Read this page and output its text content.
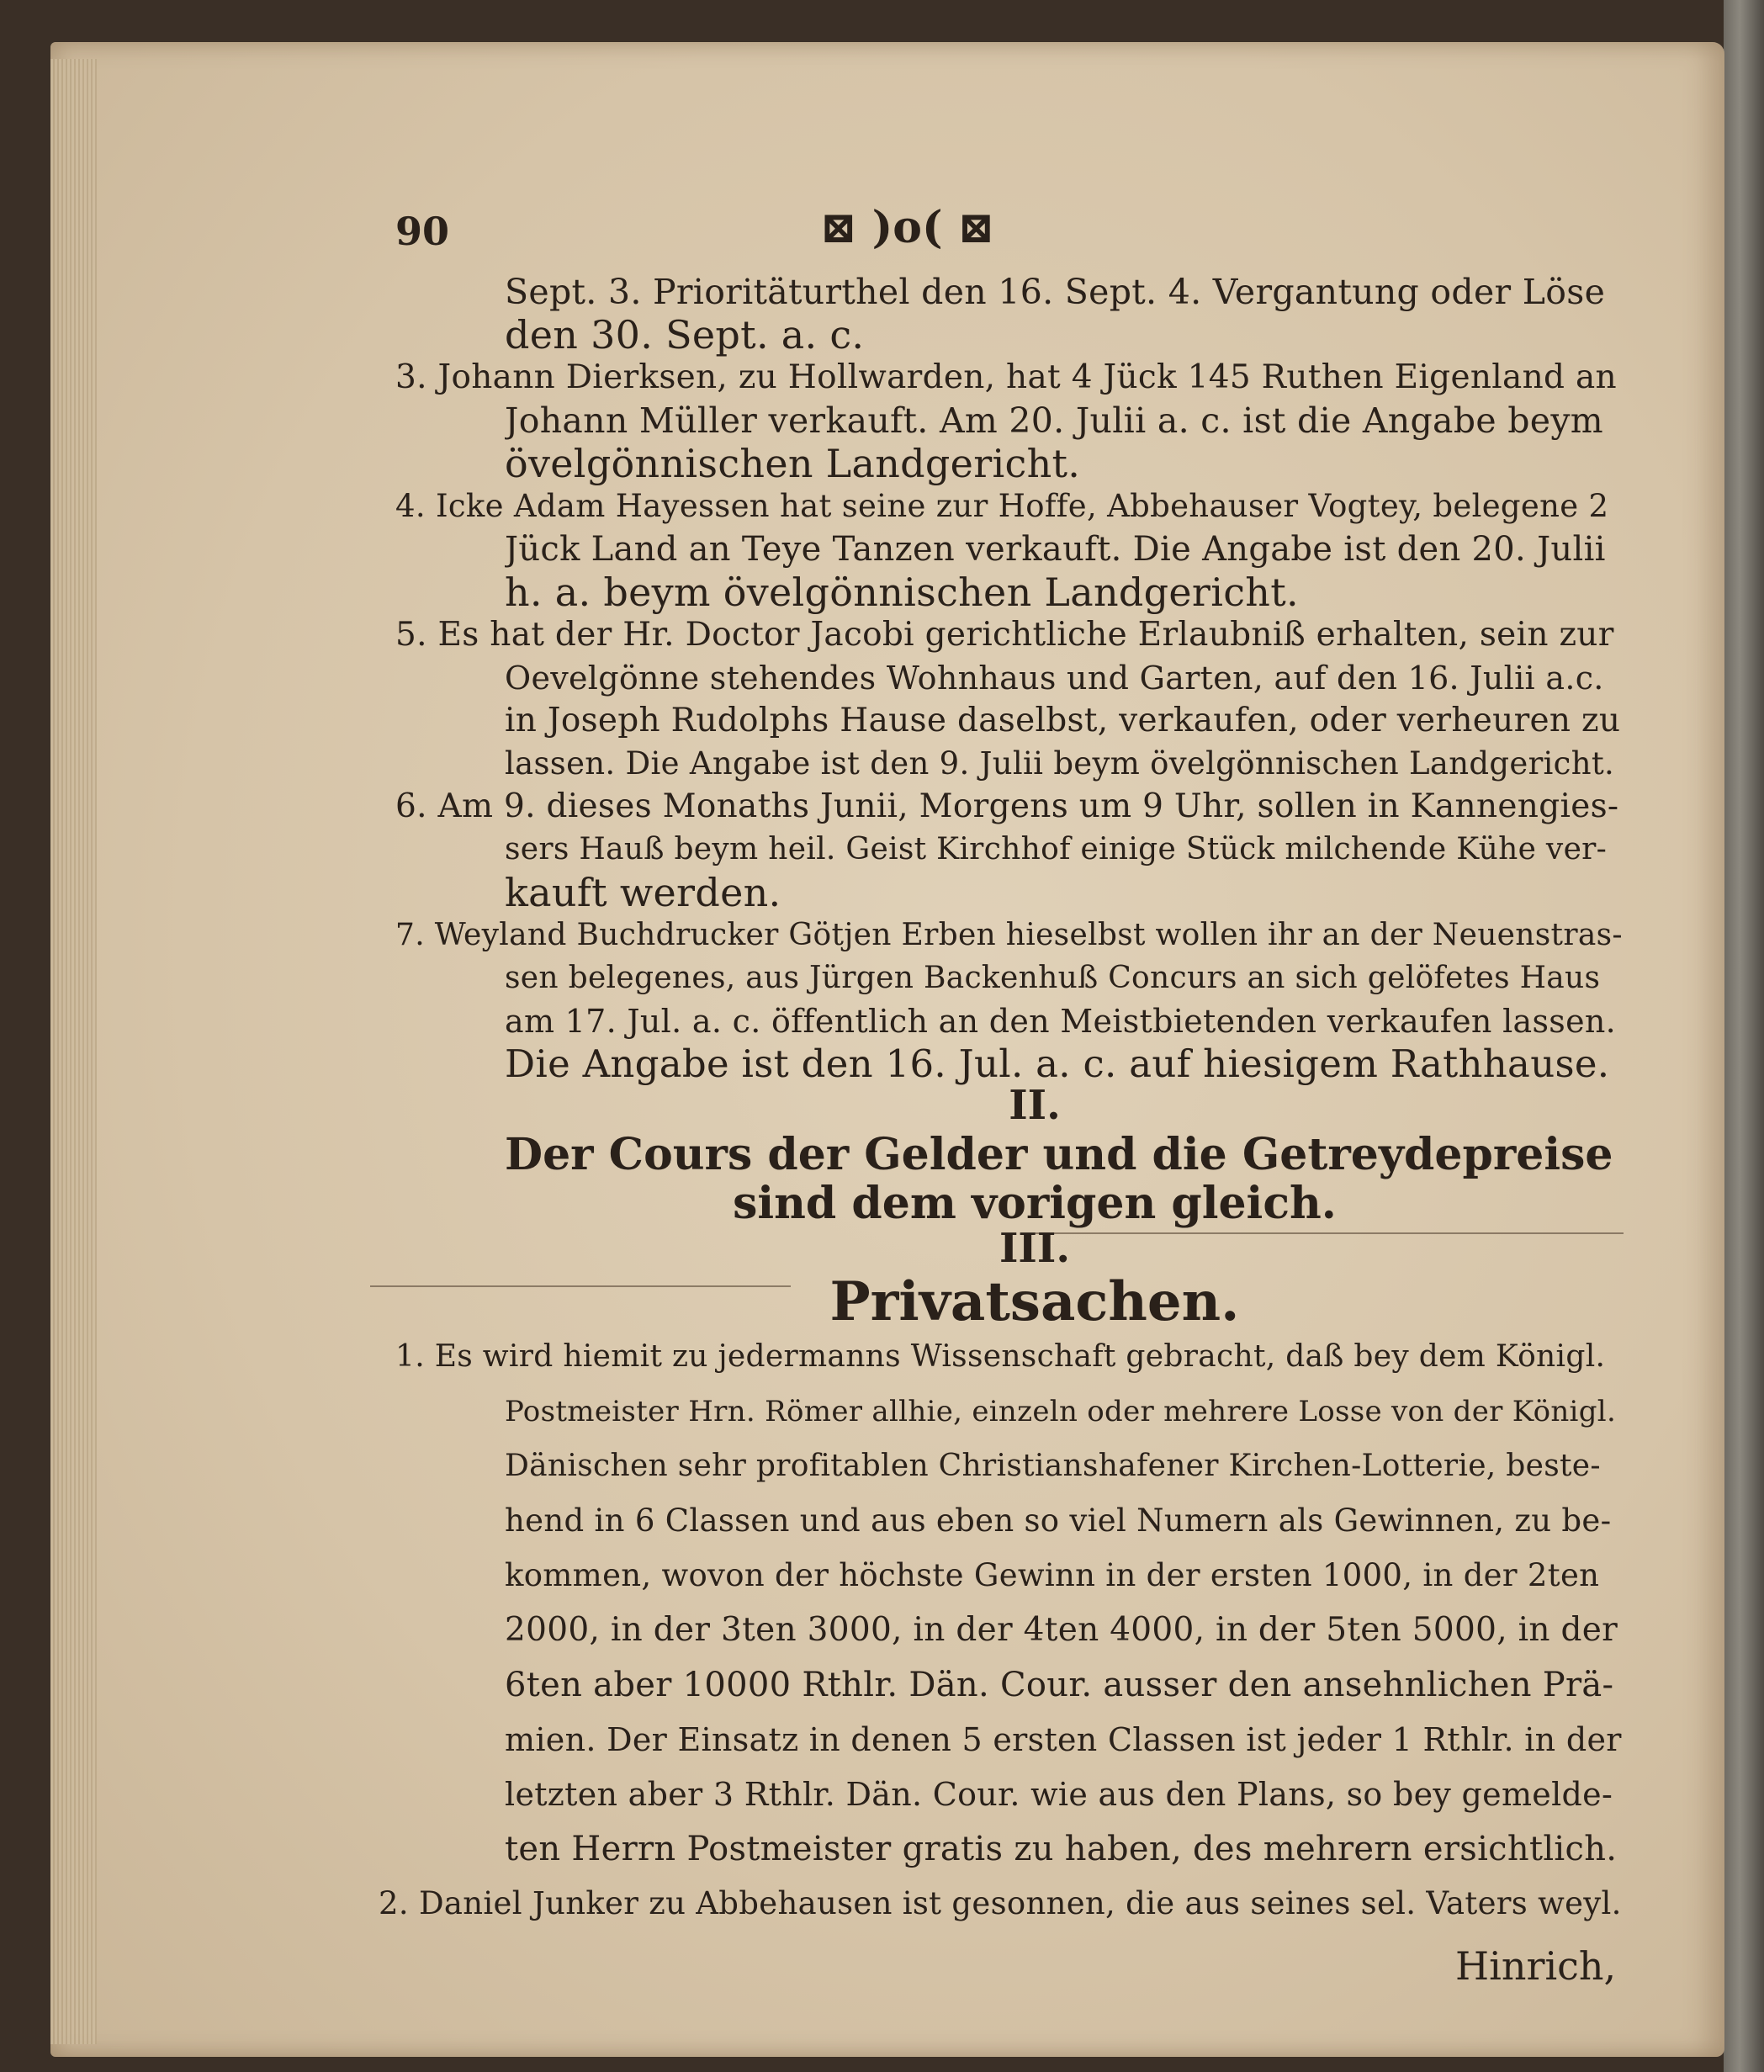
90	⊠ )o( ⊠
Sept. 3. Prioritäturthel den 16. Sept. 4. Vergantung oder Löse
den 30. Sept. a. c.
3. Johann Dierksen, zu Hollwarden, hat 4 Jück 145 Ruthen Eigenland an
Johann Müller verkauft. Am 20. Julii a. c. ist die Angabe beym
övelgönnischen Landgericht.
4. Icke Adam Hayessen hat seine zur Hoffe, Abbehauser Vogtey, belegene 2
Jück Land an Teye Tanzen verkauft. Die Angabe ist den 20. Julii
h. a. beym övelgönnischen Landgericht.
5. Es hat der Hr. Doctor Jacobi gerichtliche Erlaubniß erhalten, sein zur
Oevelgönne stehendes Wohnhaus und Garten, auf den 16. Julii a.c.
in Joseph Rudolphs Hause daselbst, verkaufen, oder verheuren zu
lassen. Die Angabe ist den 9. Julii beym övelgönnischen Landgericht.
6. Am 9. dieses Monaths Junii, Morgens um 9 Uhr, sollen in Kannengies-
sers Hauß beym heil. Geist Kirchhof einige Stück milchende Kühe ver-
kauft werden.
7. Weyland Buchdrucker Götjen Erben hieselbst wollen ihr an der Neuenstras-
sen belegenes, aus Jürgen Backenhuß Concurs an sich gelöfetes Haus
am 17. Jul. a. c. öffentlich an den Meistbietenden verkaufen lassen.
Die Angabe ist den 16. Jul. a. c. auf hiesigem Rathhause.
II.
Der Cours der Gelder und die Getreydepreise
sind dem vorigen gleich.
III.
Privatsachen.
1. Es wird hiemit zu jedermanns Wissenschaft gebracht, daß bey dem Königl.
Postmeister Hrn. Römer allhie, einzeln oder mehrere Losse von der Königl.
Dänischen sehr profitablen Christianshafener Kirchen-Lotterie, beste-
hend in 6 Classen und aus eben so viel Numern als Gewinnen, zu be-
kommen, wovon der höchste Gewinn in der ersten 1000, in der 2ten
2000, in der 3ten 3000, in der 4ten 4000, in der 5ten 5000, in der
6ten aber 10000 Rthlr. Dän. Cour. ausser den ansehnlichen Prä-
mien. Der Einsatz in denen 5 ersten Classen ist jeder 1 Rthlr. in der
letzten aber 3 Rthlr. Dän. Cour. wie aus den Plans, so bey gemelde-
ten Herrn Postmeister gratis zu haben, des mehrern ersichtlich.
2. Daniel Junker zu Abbehausen ist gesonnen, die aus seines sel. Vaters weyl.
Hinrich,
